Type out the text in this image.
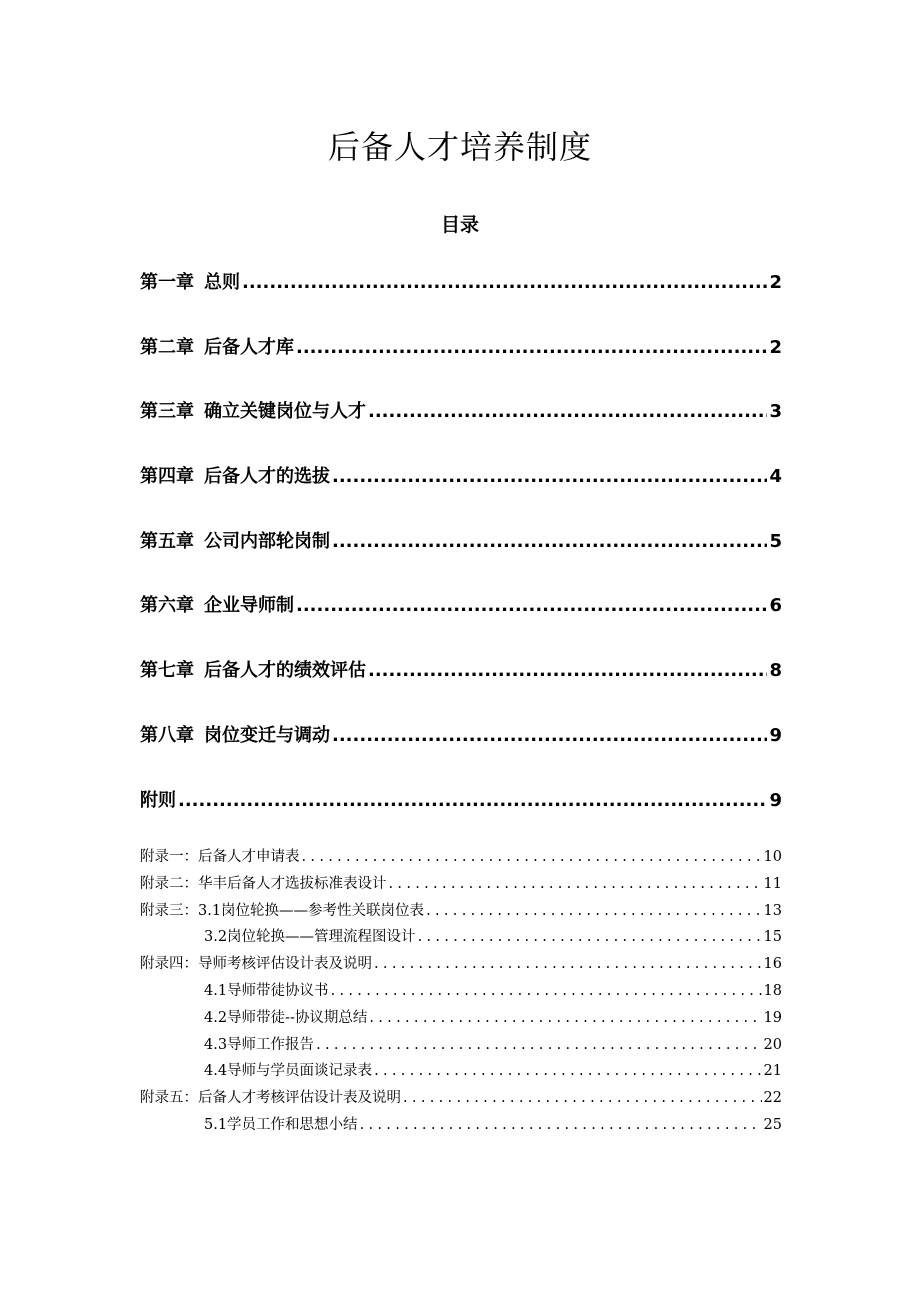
后备人才培养制度
目录
第一章 总则 .....	2
第二章 后备人才库 .....	2
第三章 确立关键岗位与人才 .....	3
第四章 后备人才的选拔 .....	4
第五章 公司内部轮岗制 .....	5
第六章 企业导师制 .....	6
第七章 后备人才的绩效评估 .....	8
第八章 岗位变迁与调动 .....	9
附则 .....	9
附录一：后备人才申请表 .....	10
附录二：华丰后备人才选拔标准表设计 .....	11
附录三：3.1岗位轮换——参考性关联岗位表 .....	13
3.2岗位轮换——管理流程图设计 .....	15
附录四：导师考核评估设计表及说明 .....	16
4.1导师带徒协议书 .....	18
4.2导师带徒--协议期总结 .....	19
4.3导师工作报告 .....	20
4.4导师与学员面谈记录表 .....	21
附录五：后备人才考核评估设计表及说明 .....	22
5.1学员工作和思想小结 .....	25
